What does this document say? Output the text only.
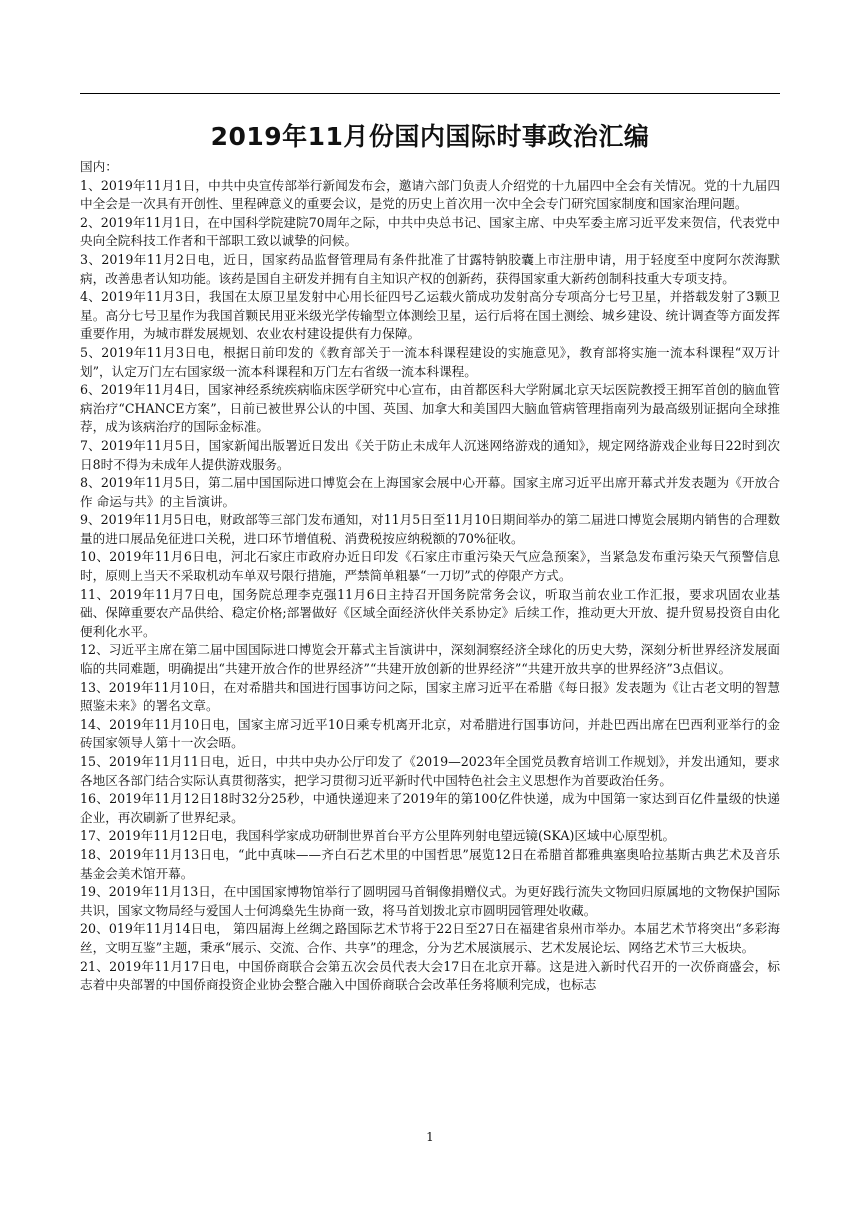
2019年11月份国内国际时事政治汇编

国内：

1、2019年11月1日，中共中央宣传部举行新闻发布会，邀请六部门负责人介绍党的十九届四中全会有关情况。党的十九届四中全会是一次具有开创性、里程碑意义的重要会议，是党的历史上首次用一次中全会专门研究国家制度和国家治理问题。

2、2019年11月1日，在中国科学院建院70周年之际，中共中央总书记、国家主席、中央军委主席习近平发来贺信，代表党中央向全院科技工作者和干部职工致以诚挚的问候。

3、2019年11月2日电，近日，国家药品监督管理局有条件批准了甘露特钠胶囊上市注册申请，用于轻度至中度阿尔茨海默病，改善患者认知功能。该药是国自主研发并拥有自主知识产权的创新药，获得国家重大新药创制科技重大专项支持。

4、2019年11月3日，我国在太原卫星发射中心用长征四号乙运载火箭成功发射高分专项高分七号卫星，并搭载发射了3颗卫星。高分七号卫星作为我国首颗民用亚米级光学传输型立体测绘卫星，运行后将在国土测绘、城乡建设、统计调查等方面发挥重要作用，为城市群发展规划、农业农村建设提供有力保障。

5、2019年11月3日电，根据日前印发的《教育部关于一流本科课程建设的实施意见》，教育部将实施一流本科课程“双万计划”，认定万门左右国家级一流本科课程和万门左右省级一流本科课程。

6、2019年11月4日，国家神经系统疾病临床医学研究中心宣布，由首都医科大学附属北京天坛医院教授王拥军首创的脑血管病治疗“CHANCE方案”，日前已被世界公认的中国、英国、加拿大和美国四大脑血管病管理指南列为最高级别证据向全球推荐，成为该病治疗的国际金标准。

7、2019年11月5日，国家新闻出版署近日发出《关于防止未成年人沉迷网络游戏的通知》，规定网络游戏企业每日22时到次日8时不得为未成年人提供游戏服务。

8、2019年11月5日，第二届中国国际进口博览会在上海国家会展中心开幕。国家主席习近平出席开幕式并发表题为《开放合作 命运与共》的主旨演讲。

9、2019年11月5日电，财政部等三部门发布通知，对11月5日至11月10日期间举办的第二届进口博览会展期内销售的合理数量的进口展品免征进口关税，进口环节增值税、消费税按应纳税额的70%征收。

10、2019年11月6日电，河北石家庄市政府办近日印发《石家庄市重污染天气应急预案》，当紧急发布重污染天气预警信息时，原则上当天不采取机动车单双号限行措施，严禁简单粗暴“一刀切”式的停限产方式。

11、2019年11月7日电，国务院总理李克强11月6日主持召开国务院常务会议，听取当前农业工作汇报，要求巩固农业基础、保障重要农产品供给、稳定价格;部署做好《区域全面经济伙伴关系协定》后续工作，推动更大开放、提升贸易投资自由化便利化水平。

12、习近平主席在第二届中国国际进口博览会开幕式主旨演讲中，深刻洞察经济全球化的历史大势，深刻分析世界经济发展面临的共同难题，明确提出“共建开放合作的世界经济”“共建开放创新的世界经济”“共建开放共享的世界经济”3点倡议。

13、2019年11月10日，在对希腊共和国进行国事访问之际，国家主席习近平在希腊《每日报》发表题为《让古老文明的智慧照鉴未来》的署名文章。

14、2019年11月10日电，国家主席习近平10日乘专机离开北京，对希腊进行国事访问，并赴巴西出席在巴西利亚举行的金砖国家领导人第十一次会晤。

15、2019年11月11日电，近日，中共中央办公厅印发了《2019—2023年全国党员教育培训工作规划》，并发出通知，要求各地区各部门结合实际认真贯彻落实，把学习贯彻习近平新时代中国特色社会主义思想作为首要政治任务。

16、2019年11月12日18时32分25秒，中通快递迎来了2019年的第100亿件快递，成为中国第一家达到百亿件量级的快递企业，再次刷新了世界纪录。

17、2019年11月12日电，我国科学家成功研制世界首台平方公里阵列射电望远镜(SKA)区域中心原型机。

18、2019年11月13日电，“此中真味——齐白石艺术里的中国哲思”展览12日在希腊首都雅典塞奥哈拉基斯古典艺术及音乐基金会美术馆开幕。

19、2019年11月13日，在中国国家博物馆举行了圆明园马首铜像捐赠仪式。为更好践行流失文物回归原属地的文物保护国际共识，国家文物局经与爱国人士何鸿燊先生协商一致，将马首划拨北京市圆明园管理处收藏。

20、019年11月14日电， 第四届海上丝绸之路国际艺术节将于22日至27日在福建省泉州市举办。本届艺术节将突出“多彩海丝，文明互鉴”主题，秉承“展示、交流、合作、共享”的理念，分为艺术展演展示、艺术发展论坛、网络艺术节三大板块。

21、2019年11月17日电，中国侨商联合会第五次会员代表大会17日在北京开幕。这是进入新时代召开的一次侨商盛会，标志着中央部署的中国侨商投资企业协会整合融入中国侨商联合会改革任务将顺利完成，也标志

1
